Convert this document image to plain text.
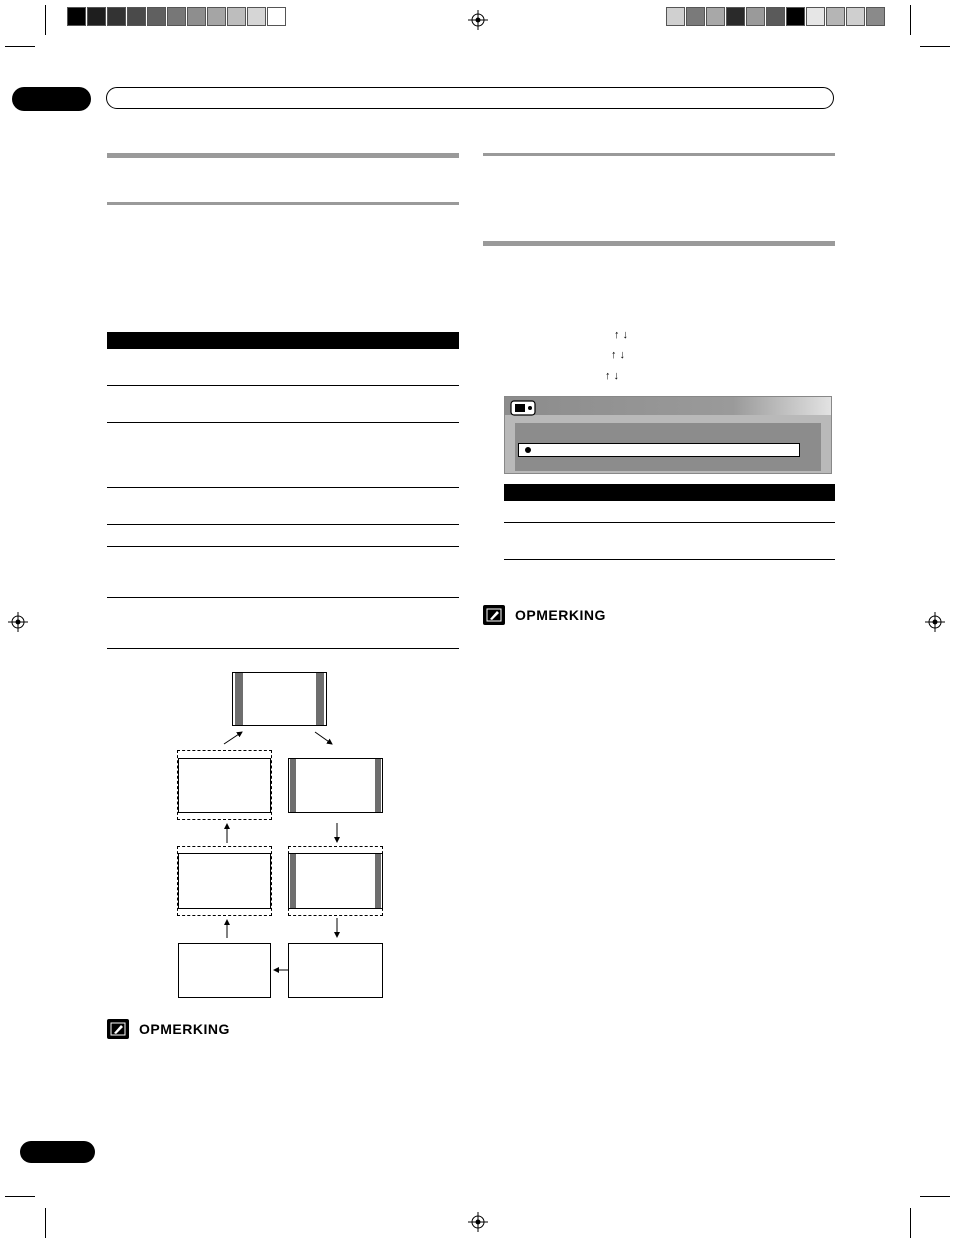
OPMERKING
↑ ↓
↑ ↓
↑ ↓
OPMERKING
